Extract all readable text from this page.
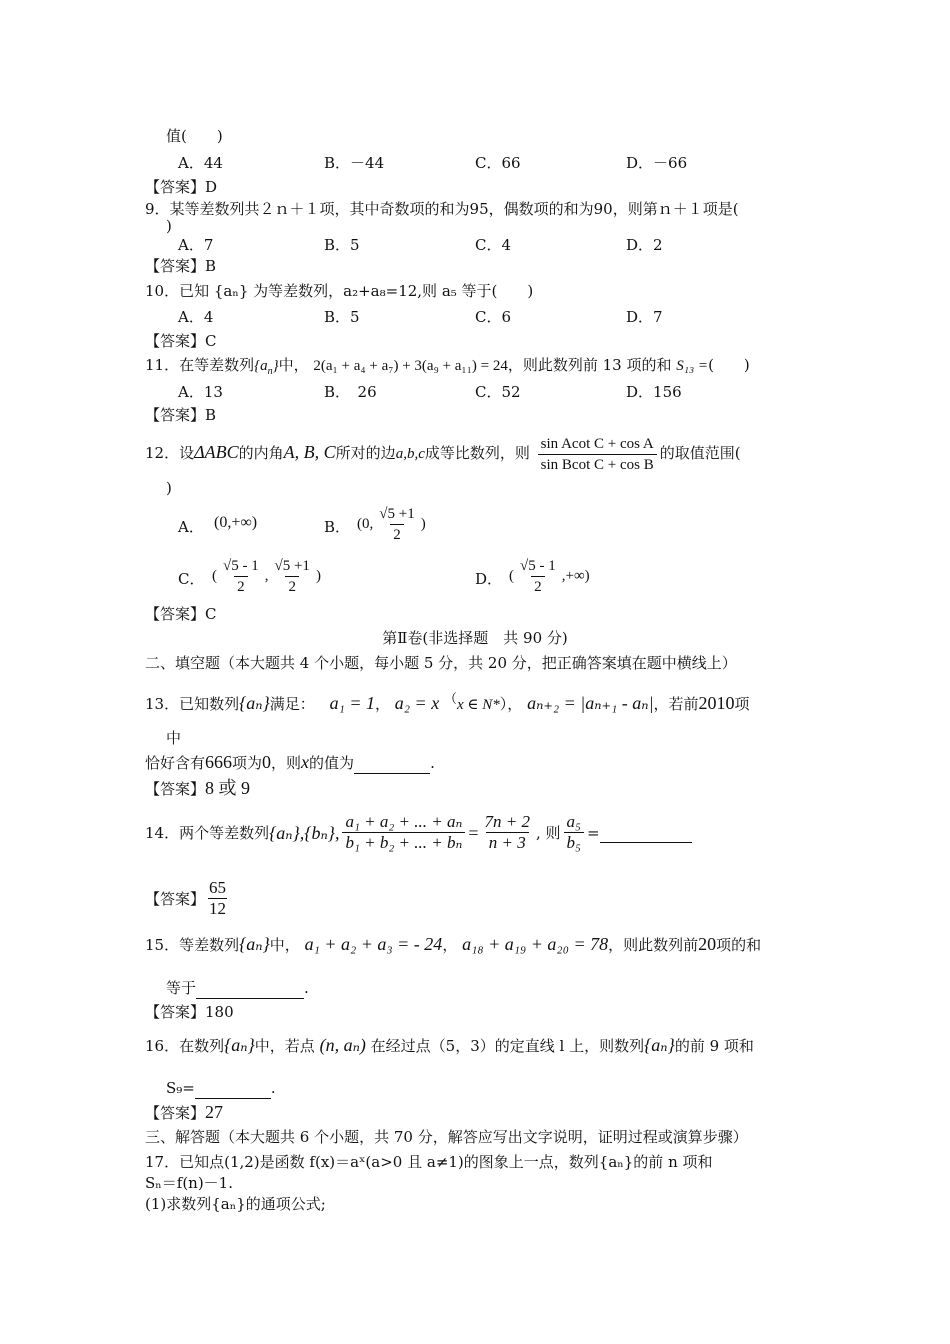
值(　　)
A．44	B．－44	C．66	D．－66
【答案】D
9．某等差数列共２ｎ＋１项，其中奇数项的和为95，偶数项的和为90，则第ｎ＋１项是(
)
A．7	B．5	C．4	D．2
【答案】B
10．已知 {aₙ} 为等差数列，a₂+a₈=12,则 a₅ 等于(　　)
A．4	B．5	C．6	D．7
【答案】C
11．在等差数列$\{a_n\}$中， 2(a₁ + a₄ + a₇) + 3(a₉ + a₁₁) = 24，则此数列前 13 项的和 S₁₃ =(　　)
A．13	B．　26	C．52	D．156
【答案】B
12．设ΔABC的内角A, B, C所对的边a,b,c成等比数列，则 $\frac{\text{sin Acot C + cos A}}{\text{sin Bcot C + cos B}}$ 的取值范围(
)
A． (0,+∞)	B． (0, $\frac{√5 +1}{2}$ )
C． ( $\frac{√5 - 1}{2}$ , $\frac{√5 +1}{2}$ )	D． ( $\frac{√5 - 1}{2}$ ,+∞)
【答案】C
第Ⅱ卷(非选择题　共 90 分)
二、填空题（本大题共 4 个小题，每小题 5 分，共 20 分，把正确答案填在题中横线上）
13．已知数列{aₙ}满足： a₁ = 1， a₂ = x （x ∈ N*）， aₙ₊₂ = |aₙ₊₁ - aₙ|，若前2010项
中
恰好含有666项为0，则x的值为	.
【答案】8 或 9
14．两个等差数列 {aₙ},{bₙ}, $\frac{\text{a₁ + a₂ + ... + aₙ}}{\text{b₁ + b₂ + ... + bₙ}} = \frac{7n + 2}{n + 3}$ , 则 $\frac{\text{a₅}}{\text{b₅}}$ =

【答案】 $\frac{65}{12}$
15．等差数列{aₙ}中， a₁ + a₂ + a₃ = - 24， a₁₈ + a₁₉ + a₂₀ = 78，则此数列前20项的和
等于	.
【答案】180
16．在数列{aₙ}中，若点 (n, aₙ) 在经过点（5，3）的定直线 l 上，则数列{aₙ}的前 9 项和
S₉=	.
【答案】27
三、解答题（本大题共 6 个小题，共 70 分，解答应写出文字说明，证明过程或演算步骤）
17．已知点(1,2)是函数 f(x)＝aˣ(a>0 且 a≠1)的图象上一点，数列{aₙ}的前 n 项和
Sₙ＝f(n)－1.
(1)求数列{aₙ}的通项公式;
